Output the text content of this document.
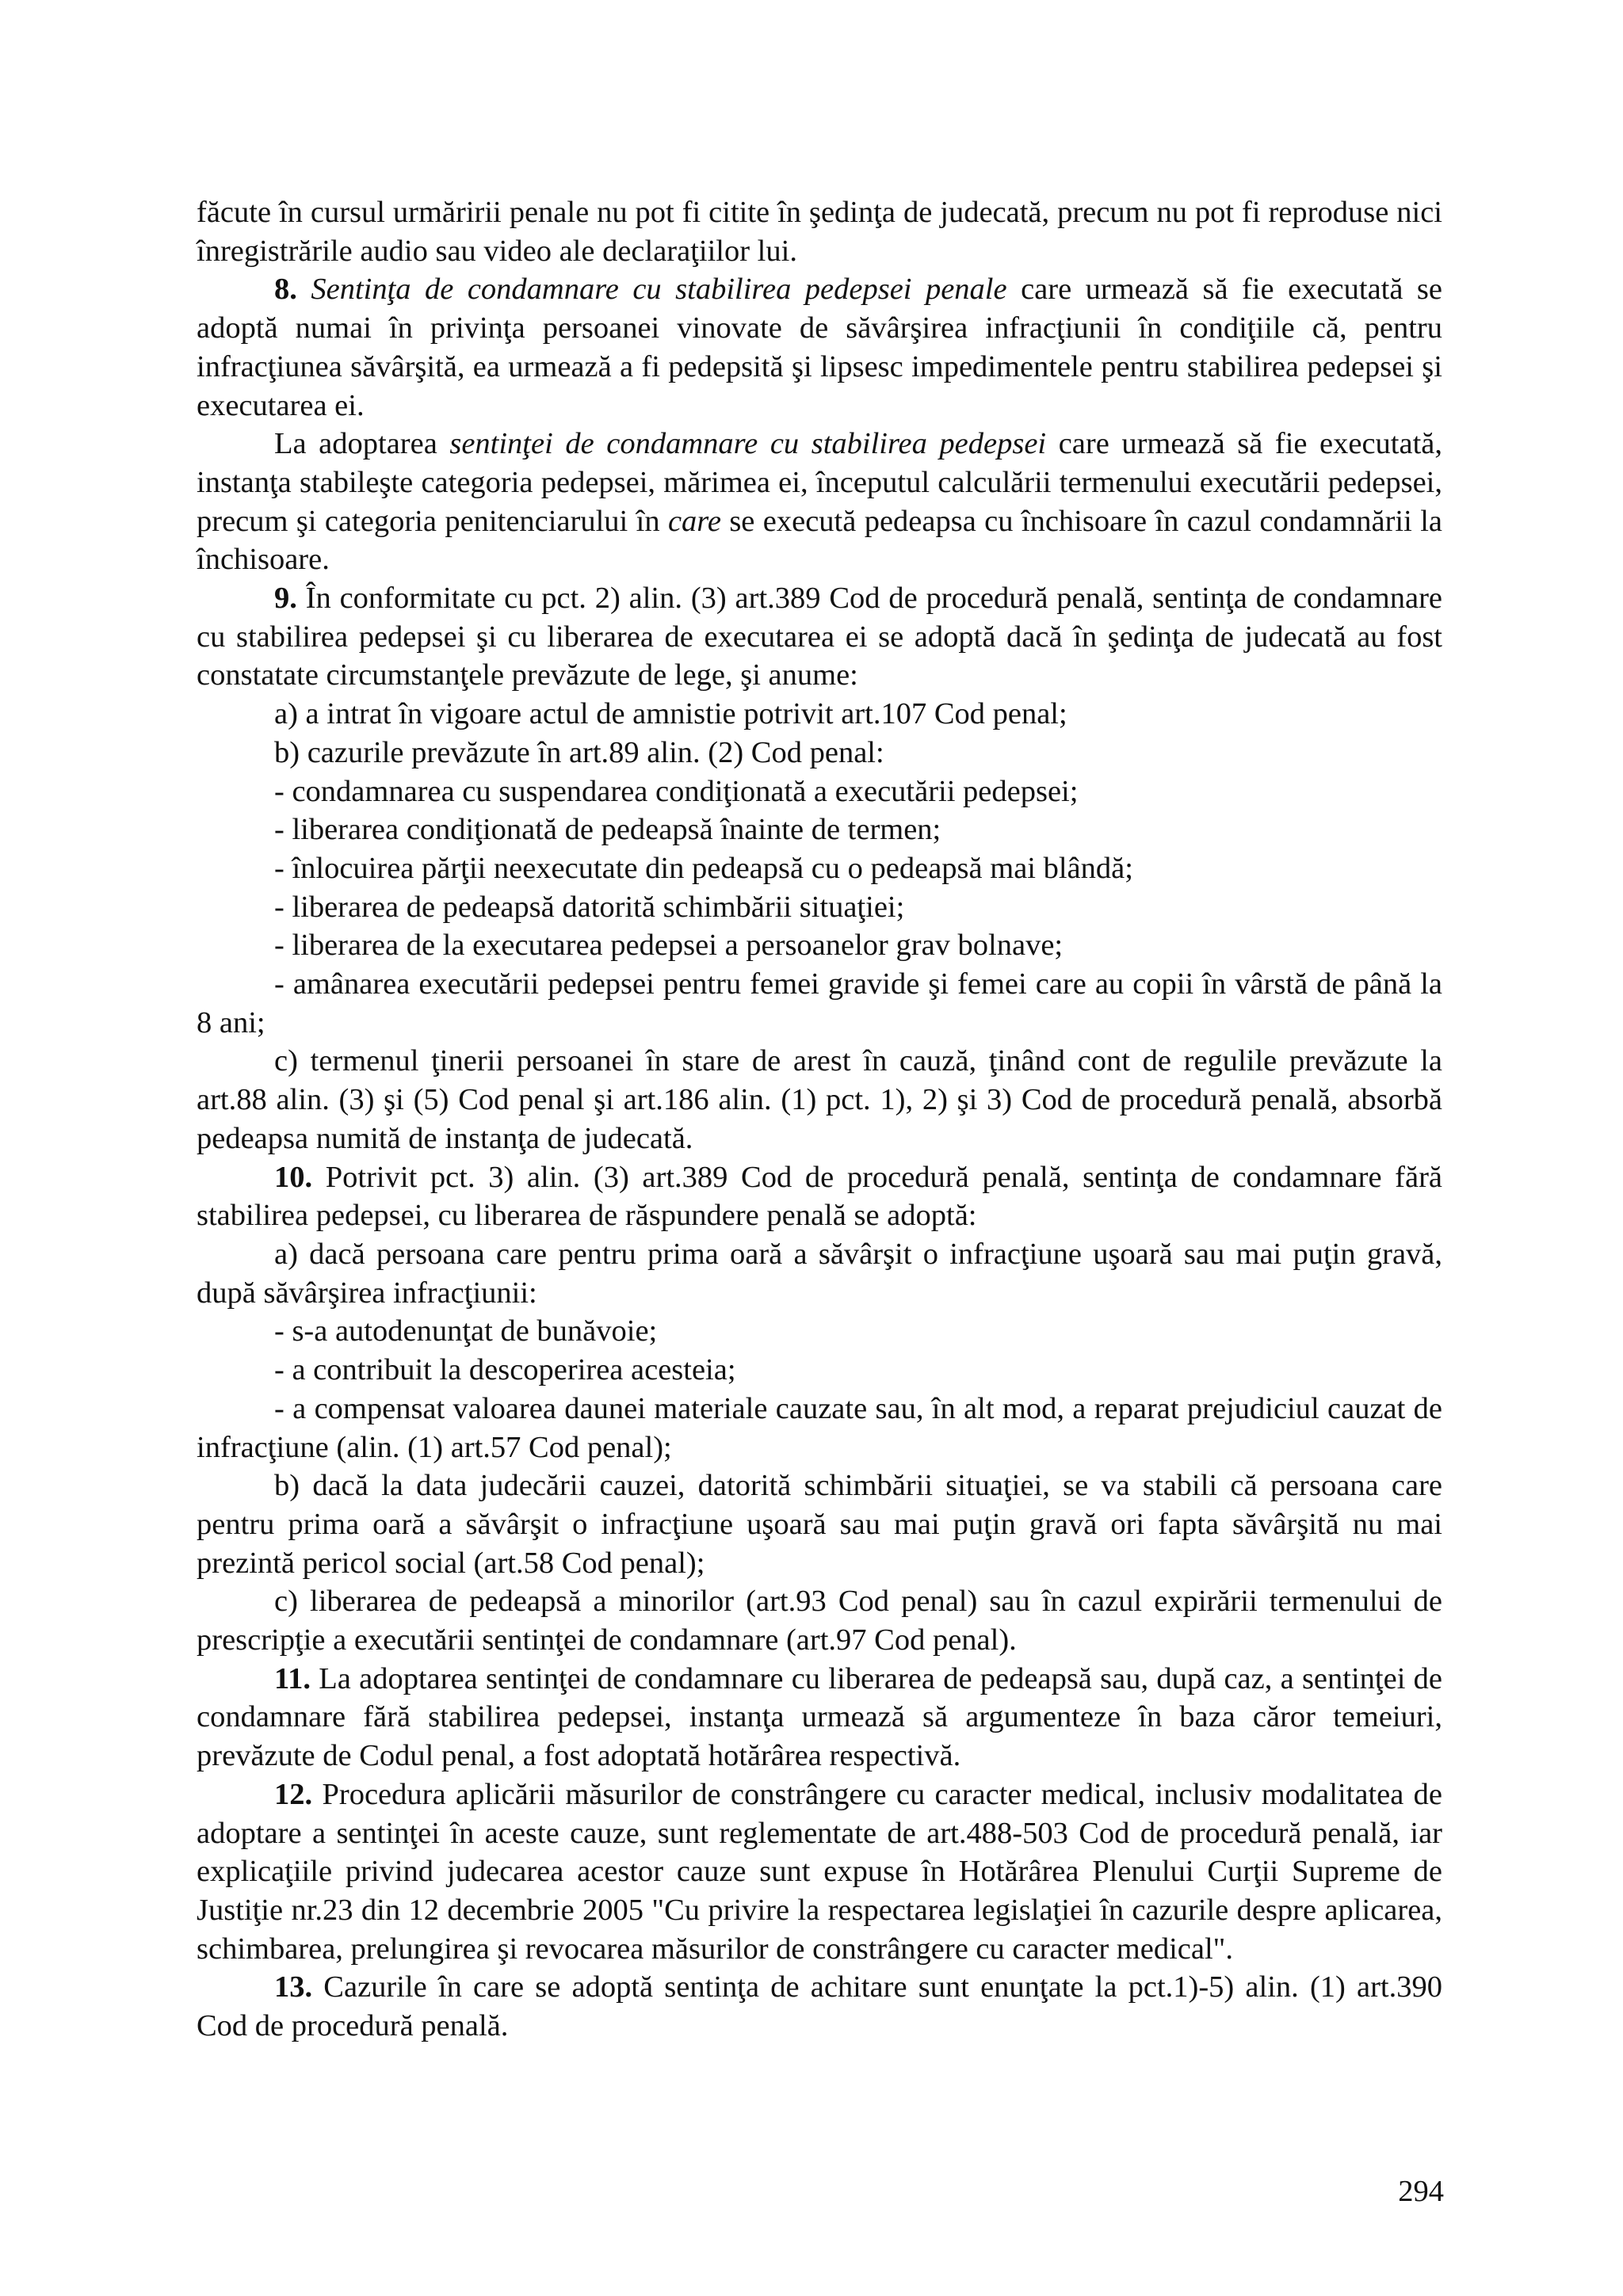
făcute în cursul urmăririi penale nu pot fi citite în şedinţa de judecată, precum nu pot fi reproduse nici înregistrările audio sau video ale declaraţiilor lui.

8. Sentinţa de condamnare cu stabilirea pedepsei penale care urmează să fie executată se adoptă numai în privinţa persoanei vinovate de săvârşirea infracţiunii în condiţiile că, pentru infracţiunea săvârşită, ea urmează a fi pedepsită şi lipsesc impedimentele pentru stabilirea pedepsei şi executarea ei.

La adoptarea sentinţei de condamnare cu stabilirea pedepsei care urmează să fie executată, instanţa stabileşte categoria pedepsei, mărimea ei, începutul calculării termenului executării pedepsei, precum şi categoria penitenciarului în care se execută pedeapsa cu închisoare în cazul condamnării la închisoare.

9. În conformitate cu pct. 2) alin. (3) art.389 Cod de procedură penală, sentinţa de condamnare cu stabilirea pedepsei şi cu liberarea de executarea ei se adoptă dacă în şedinţa de judecată au fost constatate circumstanţele prevăzute de lege, şi anume:

a) a intrat în vigoare actul de amnistie potrivit art.107 Cod penal;

b) cazurile prevăzute în art.89 alin. (2) Cod penal:

- condamnarea cu suspendarea condiţionată a executării pedepsei;

- liberarea condiţionată de pedeapsă înainte de termen;

- înlocuirea părţii neexecutate din pedeapsă cu o pedeapsă mai blândă;

- liberarea de pedeapsă datorită schimbării situaţiei;

- liberarea de la executarea pedepsei a persoanelor grav bolnave;

- amânarea executării pedepsei pentru femei gravide şi femei care au copii în vârstă de până la 8 ani;

c) termenul ţinerii persoanei în stare de arest în cauză, ţinând cont de regulile prevăzute la art.88 alin. (3) şi (5) Cod penal şi art.186 alin. (1) pct. 1), 2) şi 3) Cod de procedură penală, absorbă pedeapsa numită de instanţa de judecată.

10. Potrivit pct. 3) alin. (3) art.389 Cod de procedură penală, sentinţa de condamnare fără stabilirea pedepsei, cu liberarea de răspundere penală se adoptă:

a) dacă persoana care pentru prima oară a săvârşit o infracţiune uşoară sau mai puţin gravă, după săvârşirea infracţiunii:

- s-a autodenunţat de bunăvoie;

- a contribuit la descoperirea acesteia;

- a compensat valoarea daunei materiale cauzate sau, în alt mod, a reparat prejudiciul cauzat de infracţiune (alin. (1) art.57 Cod penal);

b) dacă la data judecării cauzei, datorită schimbării situaţiei, se va stabili că persoana care pentru prima oară a săvârşit o infracţiune uşoară sau mai puţin gravă ori fapta săvârşită nu mai prezintă pericol social (art.58 Cod penal);

c) liberarea de pedeapsă a minorilor (art.93 Cod penal) sau în cazul expirării termenului de prescripţie a executării sentinţei de condamnare (art.97 Cod penal).

11. La adoptarea sentinţei de condamnare cu liberarea de pedeapsă sau, după caz, a sentinţei de condamnare fără stabilirea pedepsei, instanţa urmează să argumenteze în baza căror temeiuri, prevăzute de Codul penal, a fost adoptată hotărârea respectivă.

12. Procedura aplicării măsurilor de constrângere cu caracter medical, inclusiv modalitatea de adoptare a sentinţei în aceste cauze, sunt reglementate de art.488-503 Cod de procedură penală, iar explicaţiile privind judecarea acestor cauze sunt expuse în Hotărârea Plenului Curţii Supreme de Justiţie nr.23 din 12 decembrie 2005 "Cu privire la respectarea legislaţiei în cazurile despre aplicarea, schimbarea, prelungirea şi revocarea măsurilor de constrângere cu caracter medical".

13. Cazurile în care se adoptă sentinţa de achitare sunt enunţate la pct.1)-5) alin. (1) art.390 Cod de procedură penală.

294
